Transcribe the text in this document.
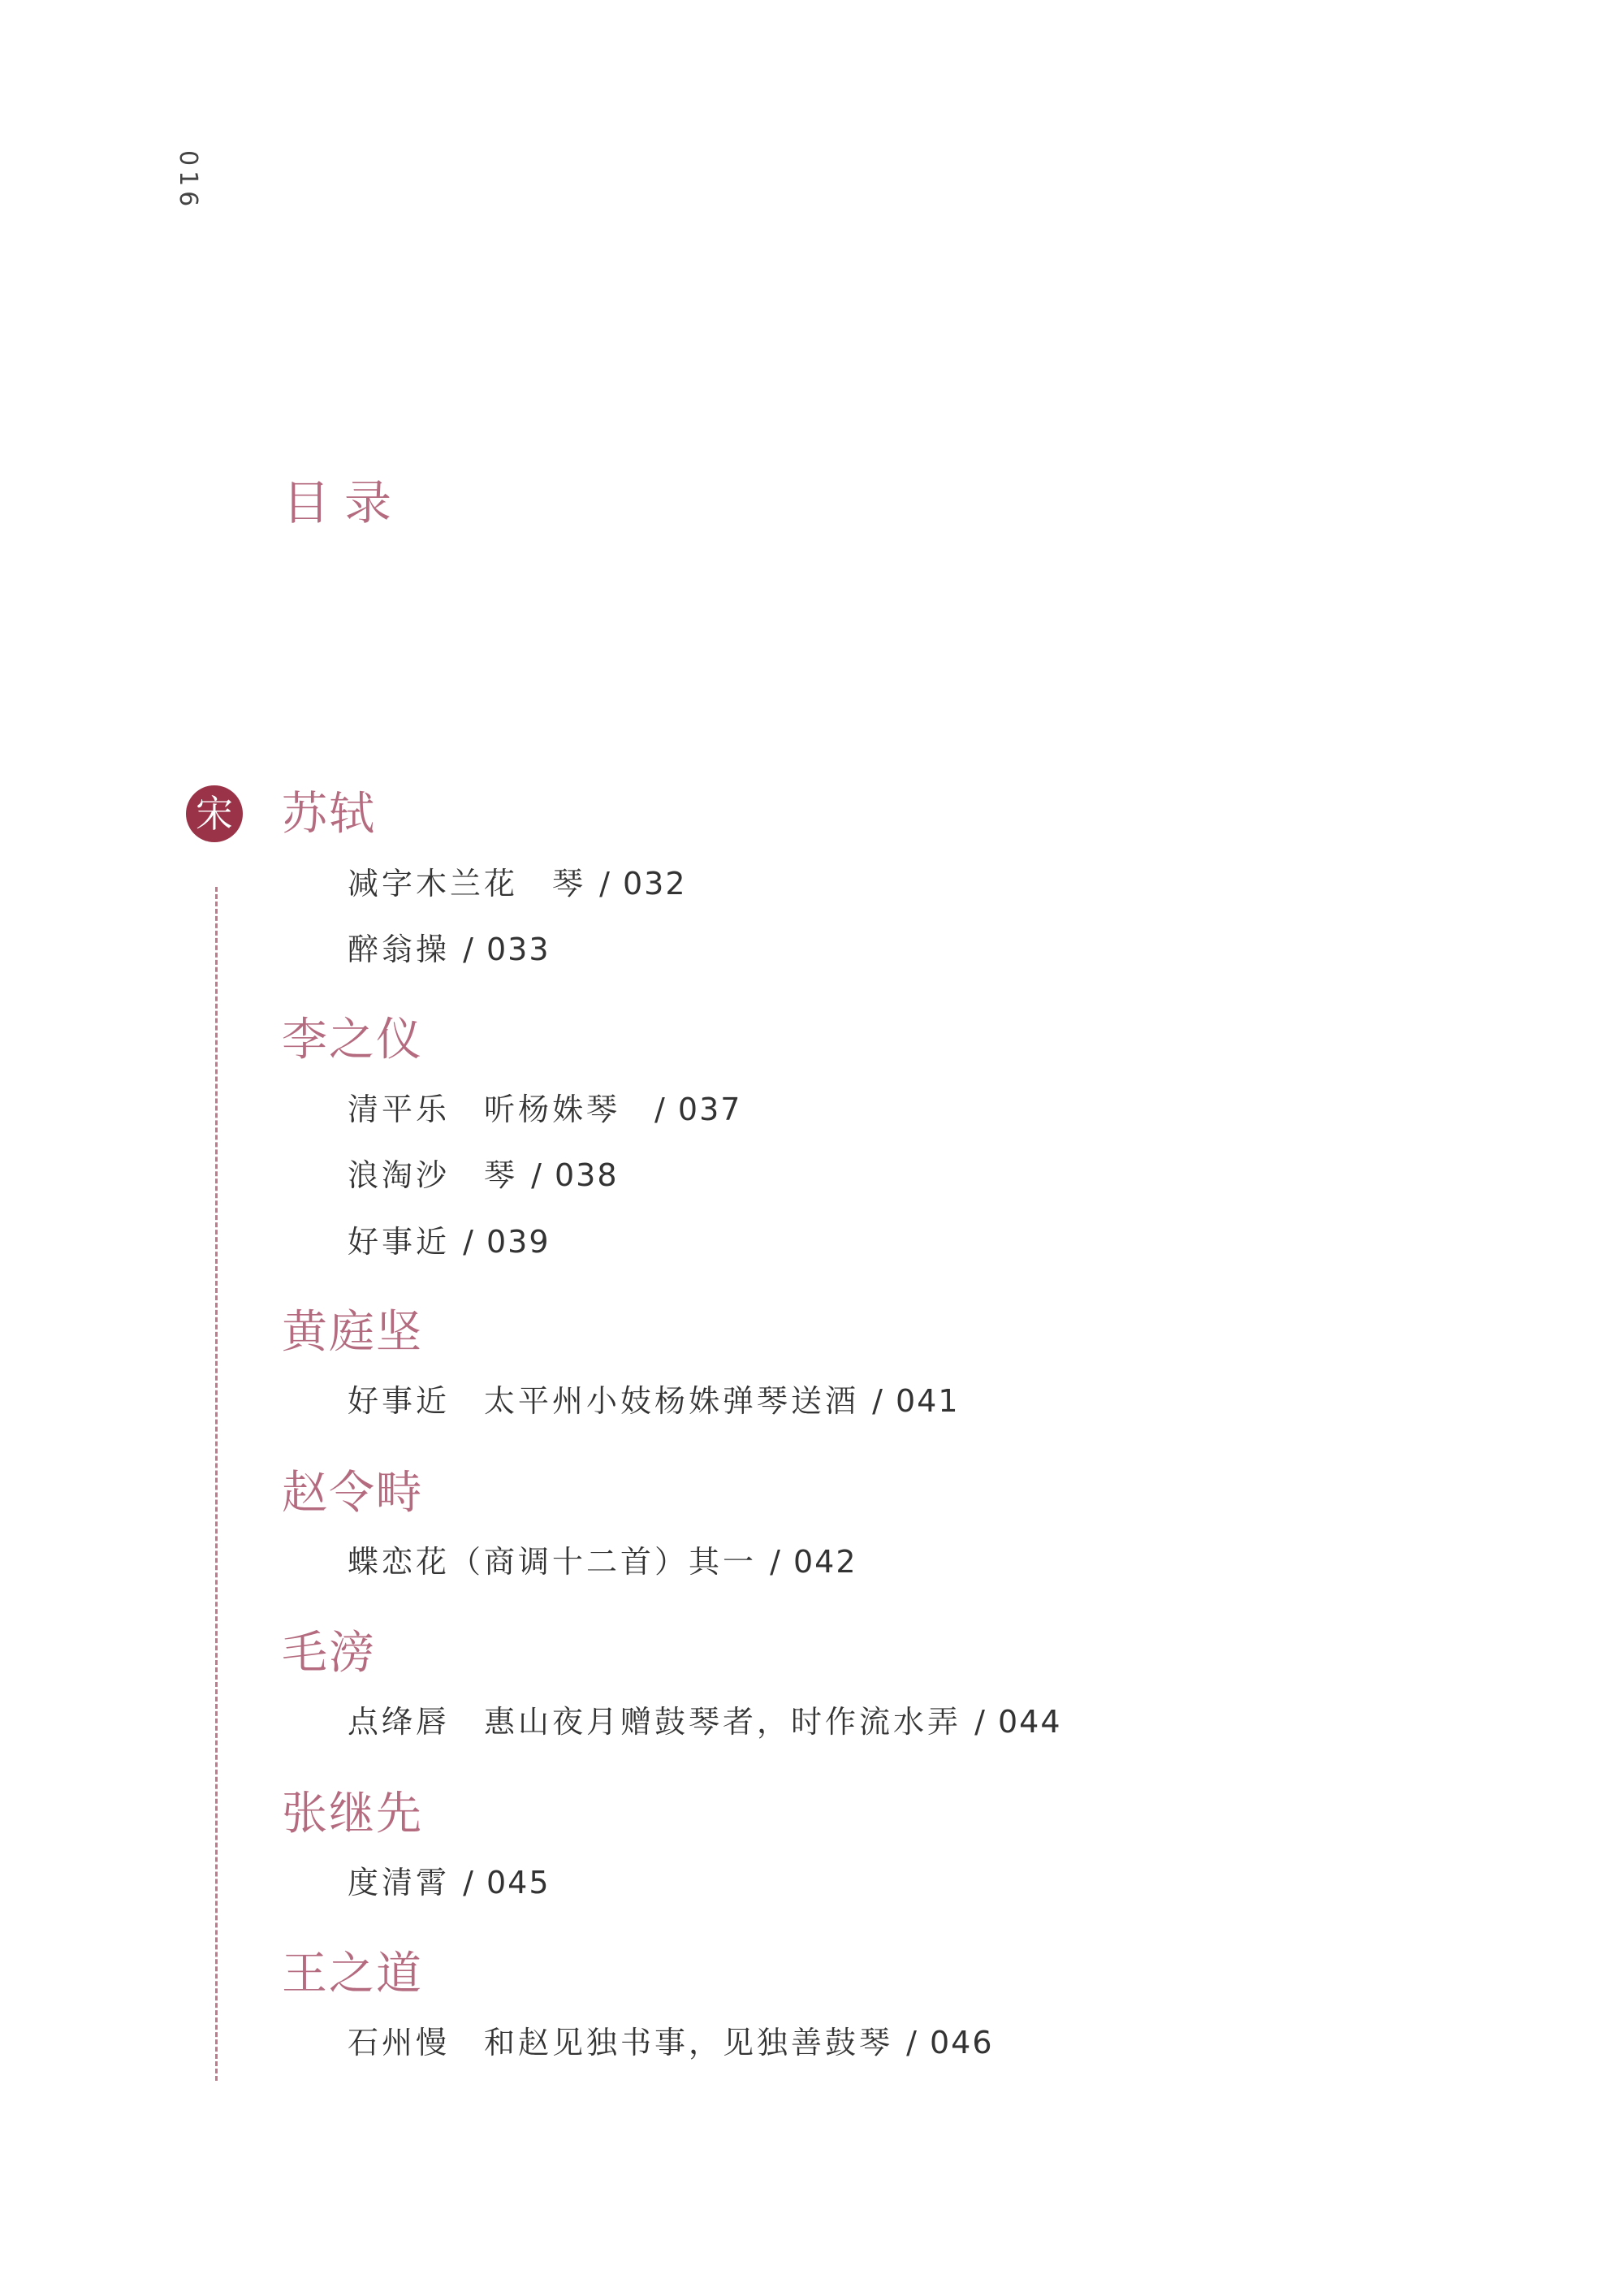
016
目录
宋 苏轼
减字木兰花　琴 / 032
醉翁操 / 033
李之仪
清平乐　听杨姝琴　/ 037
浪淘沙　琴 / 038
好事近 / 039
黄庭坚
好事近　太平州小妓杨姝弹琴送酒 / 041
赵令畤
蝶恋花（商调十二首）其一 / 042
毛滂
点绛唇　惠山夜月赠鼓琴者，时作流水弄 / 044
张继先
度清霄 / 045
王之道
石州慢　和赵见独书事，见独善鼓琴 / 046
